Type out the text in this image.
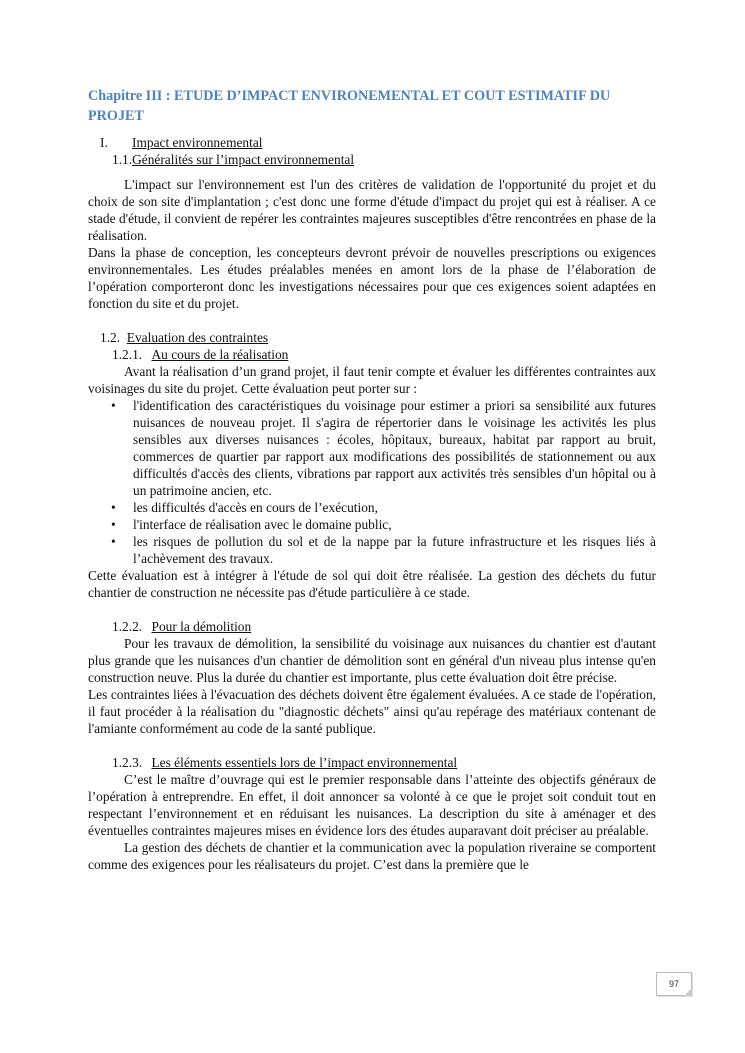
Chapitre III : ETUDE D’IMPACT ENVIRONEMENTAL ET COUT ESTIMATIF DU PROJET
I. Impact environnemental
1.1.Généralités sur l’impact environnemental

L'impact sur l'environnement est l'un des critères de validation de l'opportunité du projet et du choix de son site d'implantation ; c'est donc une forme d'étude d'impact du projet qui est à réaliser. A ce stade d'étude, il convient de repérer les contraintes majeures susceptibles d'être rencontrées en phase de la réalisation.

Dans la phase de conception, les concepteurs devront prévoir de nouvelles prescriptions ou exigences environnementales. Les études préalables menées en amont lors de la phase de l’élaboration de l’opération comporteront donc les investigations nécessaires pour que ces exigences soient adaptées en fonction du site et du projet.

1.2. Evaluation des contraintes
1.2.1. Au cours de la réalisation

Avant la réalisation d’un grand projet, il faut tenir compte et évaluer les différentes contraintes aux voisinages du site du projet. Cette évaluation peut porter sur :

• l'identification des caractéristiques du voisinage pour estimer a priori sa sensibilité aux futures nuisances de nouveau projet. Il s'agira de répertorier dans le voisinage les activités les plus sensibles aux diverses nuisances : écoles, hôpitaux, bureaux, habitat par rapport au bruit, commerces de quartier par rapport aux modifications des possibilités de stationnement ou aux difficultés d'accès des clients, vibrations par rapport aux activités très sensibles d'un hôpital ou à un patrimoine ancien, etc.
• les difficultés d'accès en cours de l’exécution,
• l'interface de réalisation avec le domaine public,
• les risques de pollution du sol et de la nappe par la future infrastructure et les risques liés à l’achèvement des travaux.

Cette évaluation est à intégrer à l'étude de sol qui doit être réalisée. La gestion des déchets du futur chantier de construction ne nécessite pas d'étude particulière à ce stade.

1.2.2. Pour la démolition

Pour les travaux de démolition, la sensibilité du voisinage aux nuisances du chantier est d'autant plus grande que les nuisances d'un chantier de démolition sont en général d'un niveau plus intense qu'en construction neuve. Plus la durée du chantier est importante, plus cette évaluation doit être précise.

Les contraintes liées à l'évacuation des déchets doivent être également évaluées. A ce stade de l'opération, il faut procéder à la réalisation du "diagnostic déchets" ainsi qu'au repérage des matériaux contenant de l'amiante conformément au code de la santé publique.

1.2.3. Les éléments essentiels lors de l’impact environnemental

C’est le maître d’ouvrage qui est le premier responsable dans l’atteinte des objectifs généraux de l’opération à entreprendre. En effet, il doit annoncer sa volonté à ce que le projet soit conduit tout en respectant l’environnement et en réduisant les nuisances. La description du site à aménager et des éventuelles contraintes majeures mises en évidence lors des études auparavant doit préciser au préalable.

La gestion des déchets de chantier et la communication avec la population riveraine se comportent comme des exigences pour les réalisateurs du projet. C’est dans la première que le

97
